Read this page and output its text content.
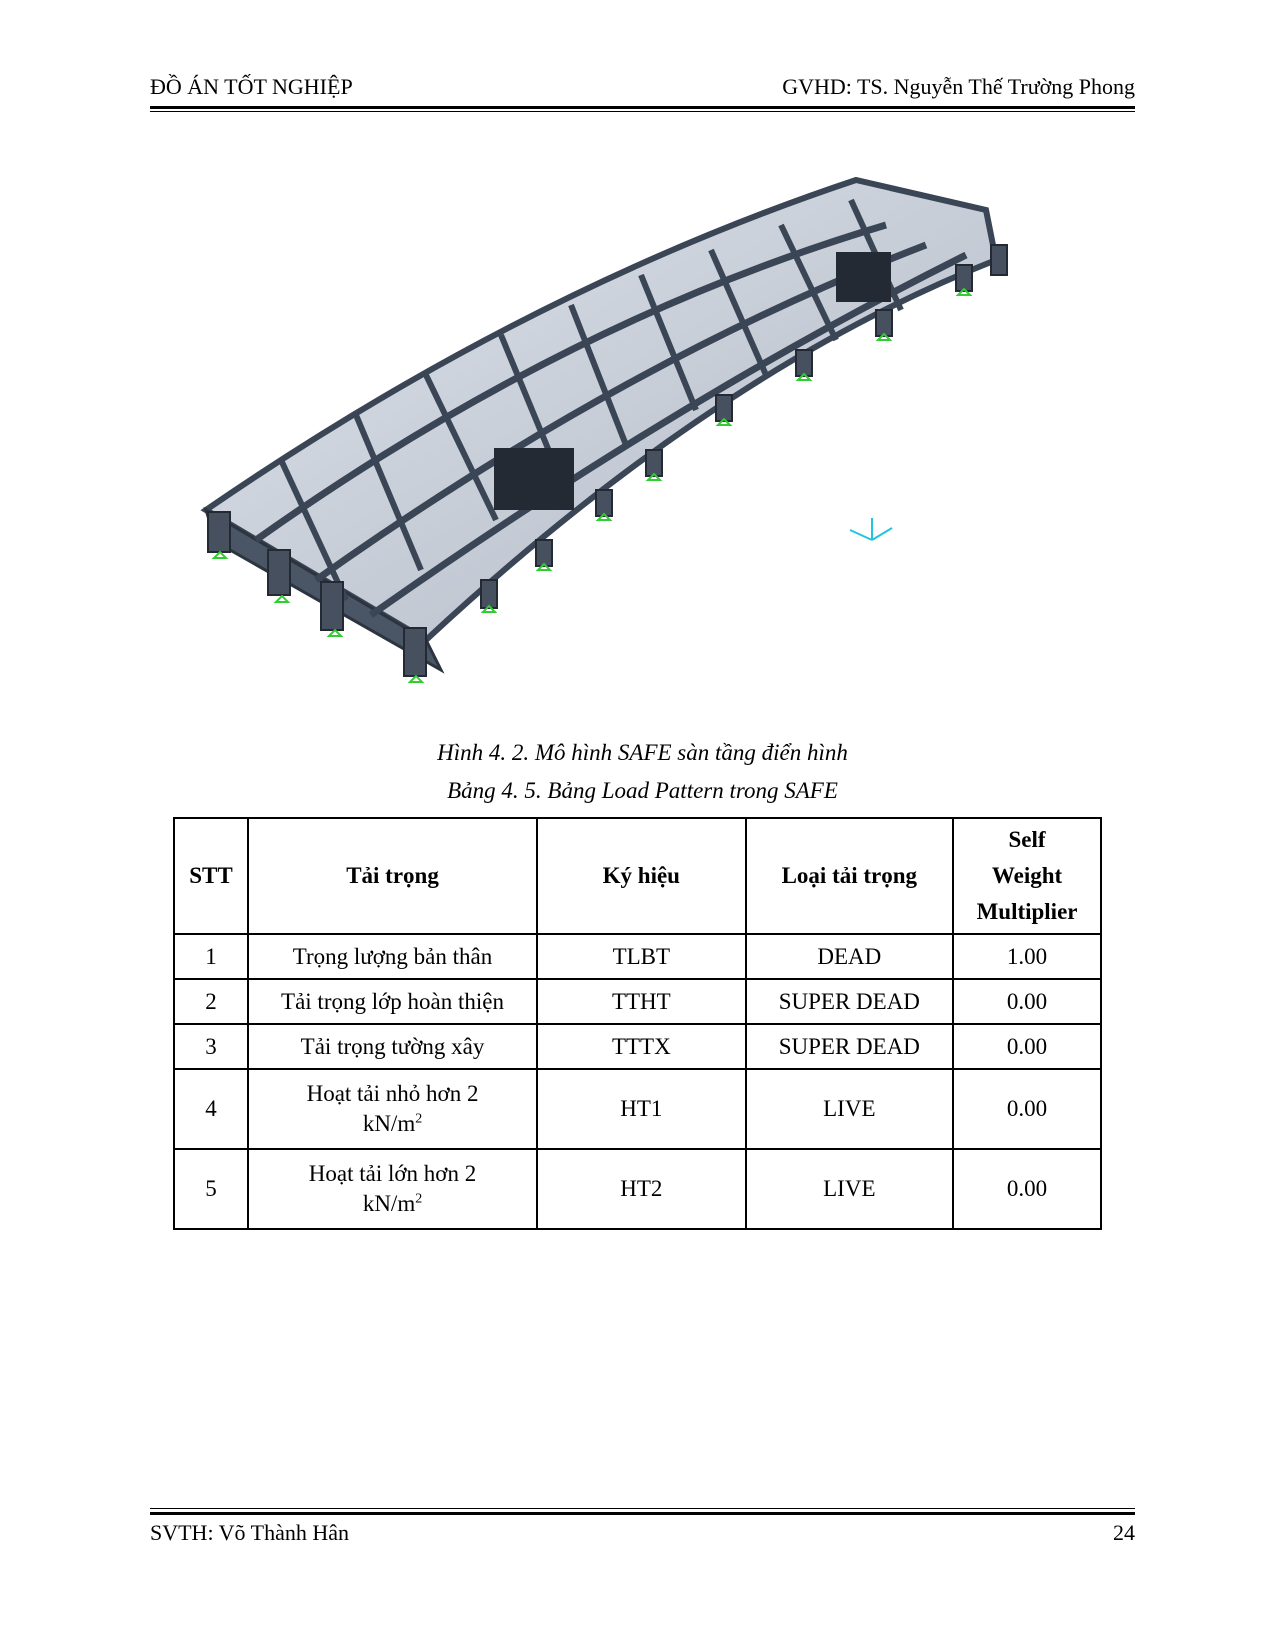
ĐỒ ÁN TỐT NGHIỆP	GVHD: TS. Nguyễn Thế Trường Phong
Hình 4. 2. Mô hình SAFE sàn tầng điển hình
Bảng 4. 5. Bảng Load Pattern trong SAFE
STT	Tải trọng	Ký hiệu	Loại tải trọng	Self
Weight
Multiplier

1	Trọng lượng bản thân	TLBT	DEAD	1.00
2	Tải trọng lớp hoàn thiện	TTHT	SUPER DEAD	0.00
3	Tải trọng tường xây	TTTX	SUPER DEAD	0.00
4	Hoạt tải nhỏ hơn 2
$kN/m^2$	HT1	LIVE	0.00
5	Hoạt tải lớn hơn 2
$kN/m^2$	HT2	LIVE	0.00
SVTH: Võ Thành Hân	24
